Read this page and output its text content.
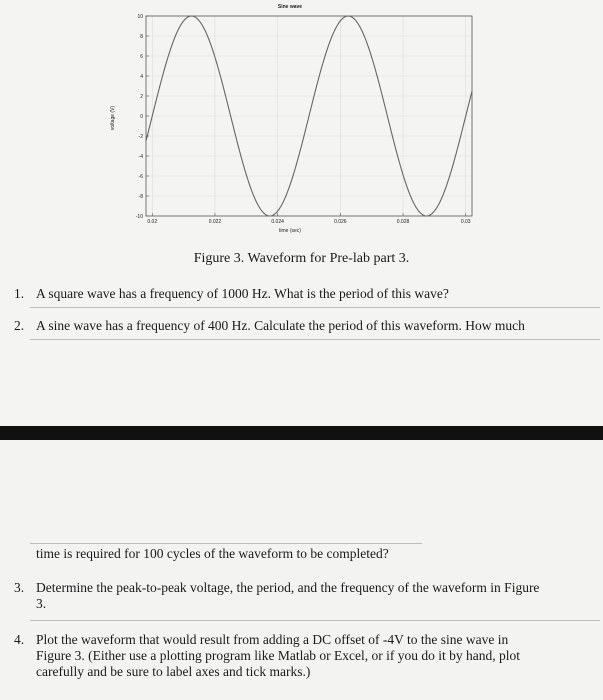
Sine wave
voltage (V)
time (sec)
10
8
6
4
2
0
-2
-4
-6
-8
-10
0.02	0.022	0.024	0.026	0.028	0.03
Figure 3. Waveform for Pre-lab part 3.
1. A square wave has a frequency of 1000 Hz. What is the period of this wave?
2. A sine wave has a frequency of 400 Hz. Calculate the period of this waveform. How much
time is required for 100 cycles of the waveform to be completed?
3. Determine the peak-to-peak voltage, the period, and the frequency of the waveform in Figure
3.
4. Plot the waveform that would result from adding a DC offset of -4V to the sine wave in
Figure 3. (Either use a plotting program like Matlab or Excel, or if you do it by hand, plot
carefully and be sure to label axes and tick marks.)
